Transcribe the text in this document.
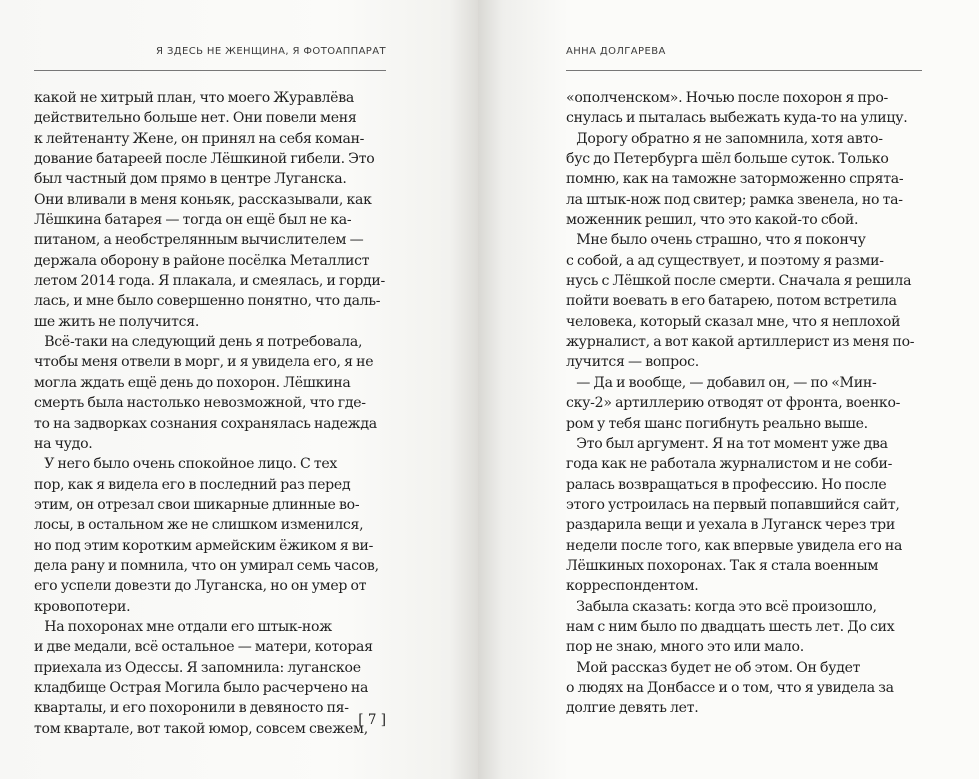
Я ЗДЕСЬ НЕ ЖЕНЩИНА, Я ФОТОАППАРАТ
какой не хитрый план, что моего Журавлёва
действительно больше нет. Они повели меня
к лейтенанту Жене, он принял на себя коман-
дование батареей после Лёшкиной гибели. Это
был частный дом прямо в центре Луганска.
Они вливали в меня коньяк, рассказывали, как
Лёшкина батарея — тогда он ещё был не ка-
питаном, а необстрелянным вычислителем —
держала оборону в районе посёлка Металлист
летом 2014 года. Я плакала, и смеялась, и горди-
лась, и мне было совершенно понятно, что даль-
ше жить не получится.
Всё-таки на следующий день я потребовала,
чтобы меня отвели в морг, и я увидела его, я не
могла ждать ещё день до похорон. Лёшкина
смерть была настолько невозможной, что где-
то на задворках сознания сохранялась надежда
на чудо.
У него было очень спокойное лицо. С тех
пор, как я видела его в последний раз перед
этим, он отрезал свои шикарные длинные во-
лосы, в остальном же не слишком изменился,
но под этим коротким армейским ёжиком я ви-
дела рану и помнила, что он умирал семь часов,
его успели довезти до Луганска, но он умер от
кровопотери.
На похоронах мне отдали его штык-нож
и две медали, всё остальное — матери, которая
приехала из Одессы. Я запомнила: луганское
кладбище Острая Могила было расчерчено на
кварталы, и его похоронили в девяносто пя-
том квартале, вот такой юмор, совсем свежем,
[ 7 ]
АННА ДОЛГАРЕВА
«ополченском». Ночью после похорон я про-
снулась и пыталась выбежать куда-то на улицу.
Дорогу обратно я не запомнила, хотя авто-
бус до Петербурга шёл больше суток. Только
помню, как на таможне заторможенно спрята-
ла штык-нож под свитер; рамка звенела, но та-
моженник решил, что это какой-то сбой.
Мне было очень страшно, что я покончу
с собой, а ад существует, и поэтому я разми-
нусь с Лёшкой после смерти. Сначала я решила
пойти воевать в его батарею, потом встретила
человека, который сказал мне, что я неплохой
журналист, а вот какой артиллерист из меня по-
лучится — вопрос.
— Да и вообще, — добавил он, — по «Мин-
ску-2» артиллерию отводят от фронта, военко-
ром у тебя шанс погибнуть реально выше.
Это был аргумент. Я на тот момент уже два
года как не работала журналистом и не соби-
ралась возвращаться в профессию. Но после
этого устроилась на первый попавшийся сайт,
раздарила вещи и уехала в Луганск через три
недели после того, как впервые увидела его на
Лёшкиных похоронах. Так я стала военным
корреспондентом.
Забыла сказать: когда это всё произошло,
нам с ним было по двадцать шесть лет. До сих
пор не знаю, много это или мало.
Мой рассказ будет не об этом. Он будет
о людях на Донбассе и о том, что я увидела за
долгие девять лет.
